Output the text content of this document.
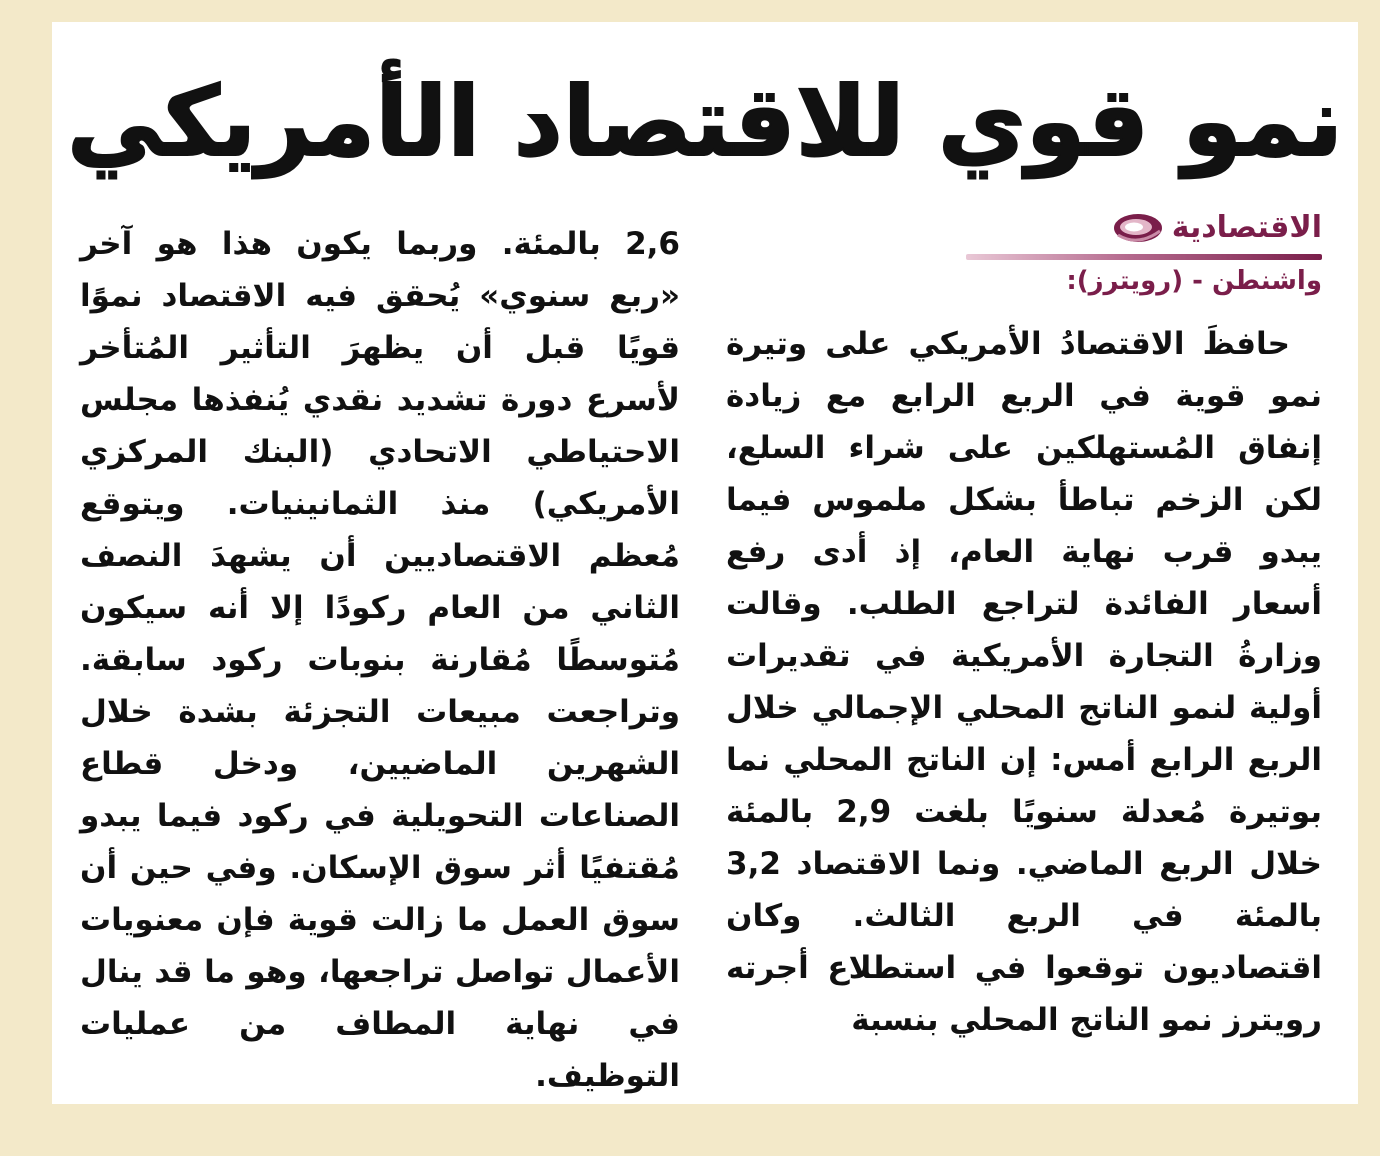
نمو قوي للاقتصاد الأمريكي
الاقتصادية
واشنطن - (رويترز):
حافظَ الاقتصادُ الأمريكي على وتيرة نمو قوية في الربع الرابع مع زيادة إنفاق المُستهلكين على شراء السلع، لكن الزخم تباطأ بشكل ملموس فيما يبدو قرب نهاية العام، إذ أدى رفع أسعار الفائدة لتراجع الطلب. وقالت وزارةُ التجارة الأمريكية في تقديرات أولية لنمو الناتج المحلي الإجمالي خلال الربع الرابع أمس: إن الناتج المحلي نما بوتيرة مُعدلة سنويًا بلغت 2,9 بالمئة خلال الربع الماضي. ونما الاقتصاد 3,2 بالمئة في الربع الثالث. وكان اقتصاديون توقعوا في استطلاع أجرته رويترز نمو الناتج المحلي بنسبة
2,6 بالمئة. وربما يكون هذا هو آخر «ربع سنوي» يُحقق فيه الاقتصاد نموًا قويًا قبل أن يظهرَ التأثير المُتأخر لأسرع دورة تشديد نقدي يُنفذها مجلس الاحتياطي الاتحادي (البنك المركزي الأمريكي) منذ الثمانينيات. ويتوقع مُعظم الاقتصاديين أن يشهدَ النصف الثاني من العام ركودًا إلا أنه سيكون مُتوسطًا مُقارنة بنوبات ركود سابقة. وتراجعت مبيعات التجزئة بشدة خلال الشهرين الماضيين، ودخل قطاع الصناعات التحويلية في ركود فيما يبدو مُقتفيًا أثر سوق الإسكان. وفي حين أن سوق العمل ما زالت قوية فإن معنويات الأعمال تواصل تراجعها، وهو ما قد ينال في نهاية المطاف من عمليات التوظيف.
